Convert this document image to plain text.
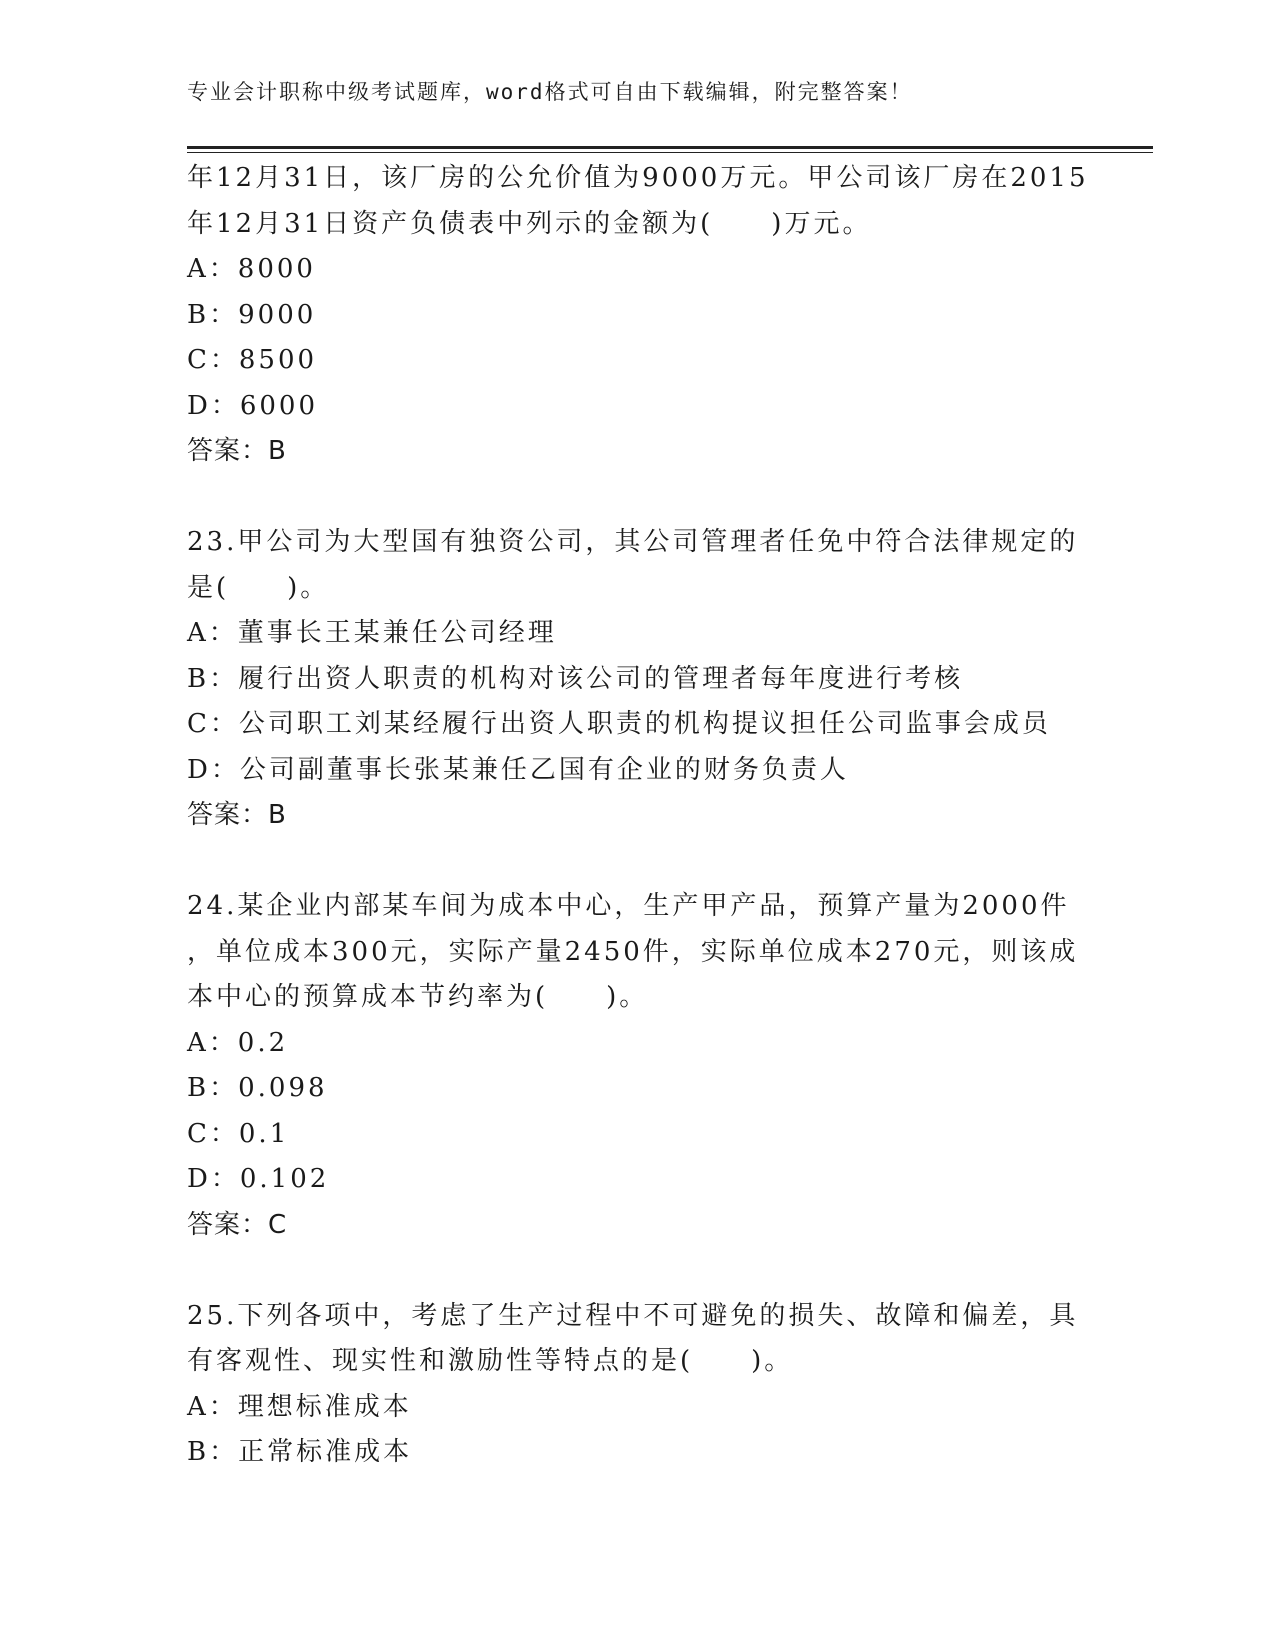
专业会计职称中级考试题库，word格式可自由下载编辑，附完整答案！
年12月31日，该厂房的公允价值为9000万元。甲公司该厂房在2015
年12月31日资产负债表中列示的金额为(　　)万元。
A：8000
B：9000
C：8500
D：6000
答案：B
23.甲公司为大型国有独资公司，其公司管理者任免中符合法律规定的
是(　　)。
A：董事长王某兼任公司经理
B：履行出资人职责的机构对该公司的管理者每年度进行考核
C：公司职工刘某经履行出资人职责的机构提议担任公司监事会成员
D：公司副董事长张某兼任乙国有企业的财务负责人
答案：B
24.某企业内部某车间为成本中心，生产甲产品，预算产量为2000件
，单位成本300元，实际产量2450件，实际单位成本270元，则该成
本中心的预算成本节约率为(　　)。
A：0.2
B：0.098
C：0.1
D：0.102
答案：C
25.下列各项中，考虑了生产过程中不可避免的损失、故障和偏差，具
有客观性、现实性和激励性等特点的是(　　)。
A：理想标准成本
B：正常标准成本
